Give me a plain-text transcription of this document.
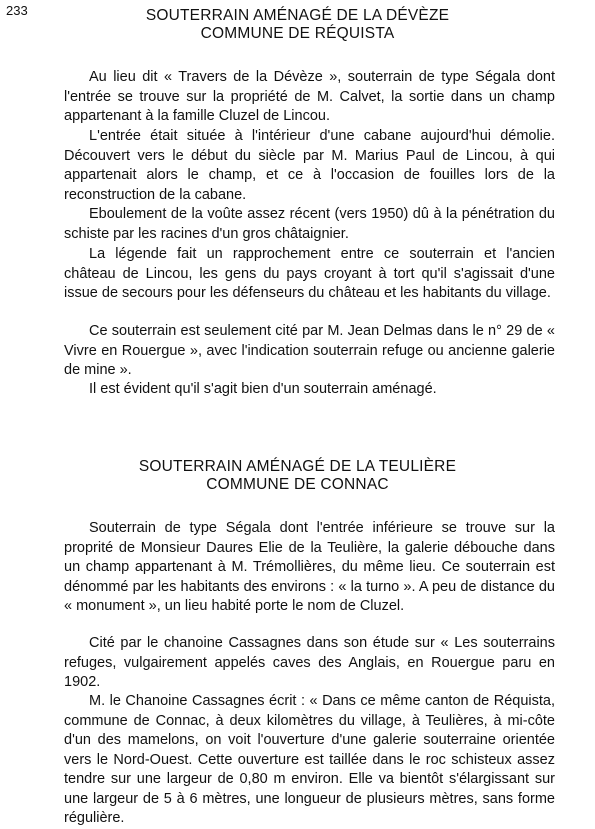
233	SOUTERRAIN AMÉNAGÉ DE LA DÉVÈZE
COMMUNE DE RÉQUISTA
Au lieu dit « Travers de la Dévèze », souterrain de type Ségala dont l'entrée se trouve sur la propriété de M. Calvet, la sortie dans un champ appartenant à la famille Cluzel de Lincou.
L'entrée était située à l'intérieur d'une cabane aujourd'hui démolie. Découvert vers le début du siècle par M. Marius Paul de Lincou, à qui appartenait alors le champ, et ce à l'occasion de fouilles lors de la reconstruction de la cabane.
Eboulement de la voûte assez récent (vers 1950) dû à la pénétration du schiste par les racines d'un gros châtaignier.
La légende fait un rapprochement entre ce souterrain et l'ancien château de Lincou, les gens du pays croyant à tort qu'il s'agissait d'une issue de secours pour les défenseurs du château et les habitants du village.
Ce souterrain est seulement cité par M. Jean Delmas dans le n° 29 de « Vivre en Rouergue », avec l'indication souterrain refuge ou ancienne galerie de mine ».
Il est évident qu'il s'agit bien d'un souterrain aménagé.
SOUTERRAIN AMÉNAGÉ DE LA TEULIÈRE
COMMUNE DE CONNAC
Souterrain de type Ségala dont l'entrée inférieure se trouve sur la proprité de Monsieur Daures Elie de la Teulière, la galerie débouche dans un champ appartenant à M. Trémollières, du même lieu. Ce souterrain est dénommé par les habitants des environs : « la turno ». A peu de distance du « monument », un lieu habité porte le nom de Cluzel.
Cité par le chanoine Cassagnes dans son étude sur « Les souterrains refuges, vulgairement appelés caves des Anglais, en Rouergue paru en 1902.
M. le Chanoine Cassagnes écrit : « Dans ce même canton de Réquista, commune de Connac, à deux kilomètres du village, à Teulières, à mi-côte d'un des mamelons, on voit l'ouverture d'une galerie souterraine orientée vers le Nord-Ouest. Cette ouverture est taillée dans le roc schisteux assez tendre sur une largeur de 0,80 m environ. Elle va bientôt s'élargissant sur une largeur de 5 à 6 mètres, une longueur de plusieurs mètres, sans forme régulière.
